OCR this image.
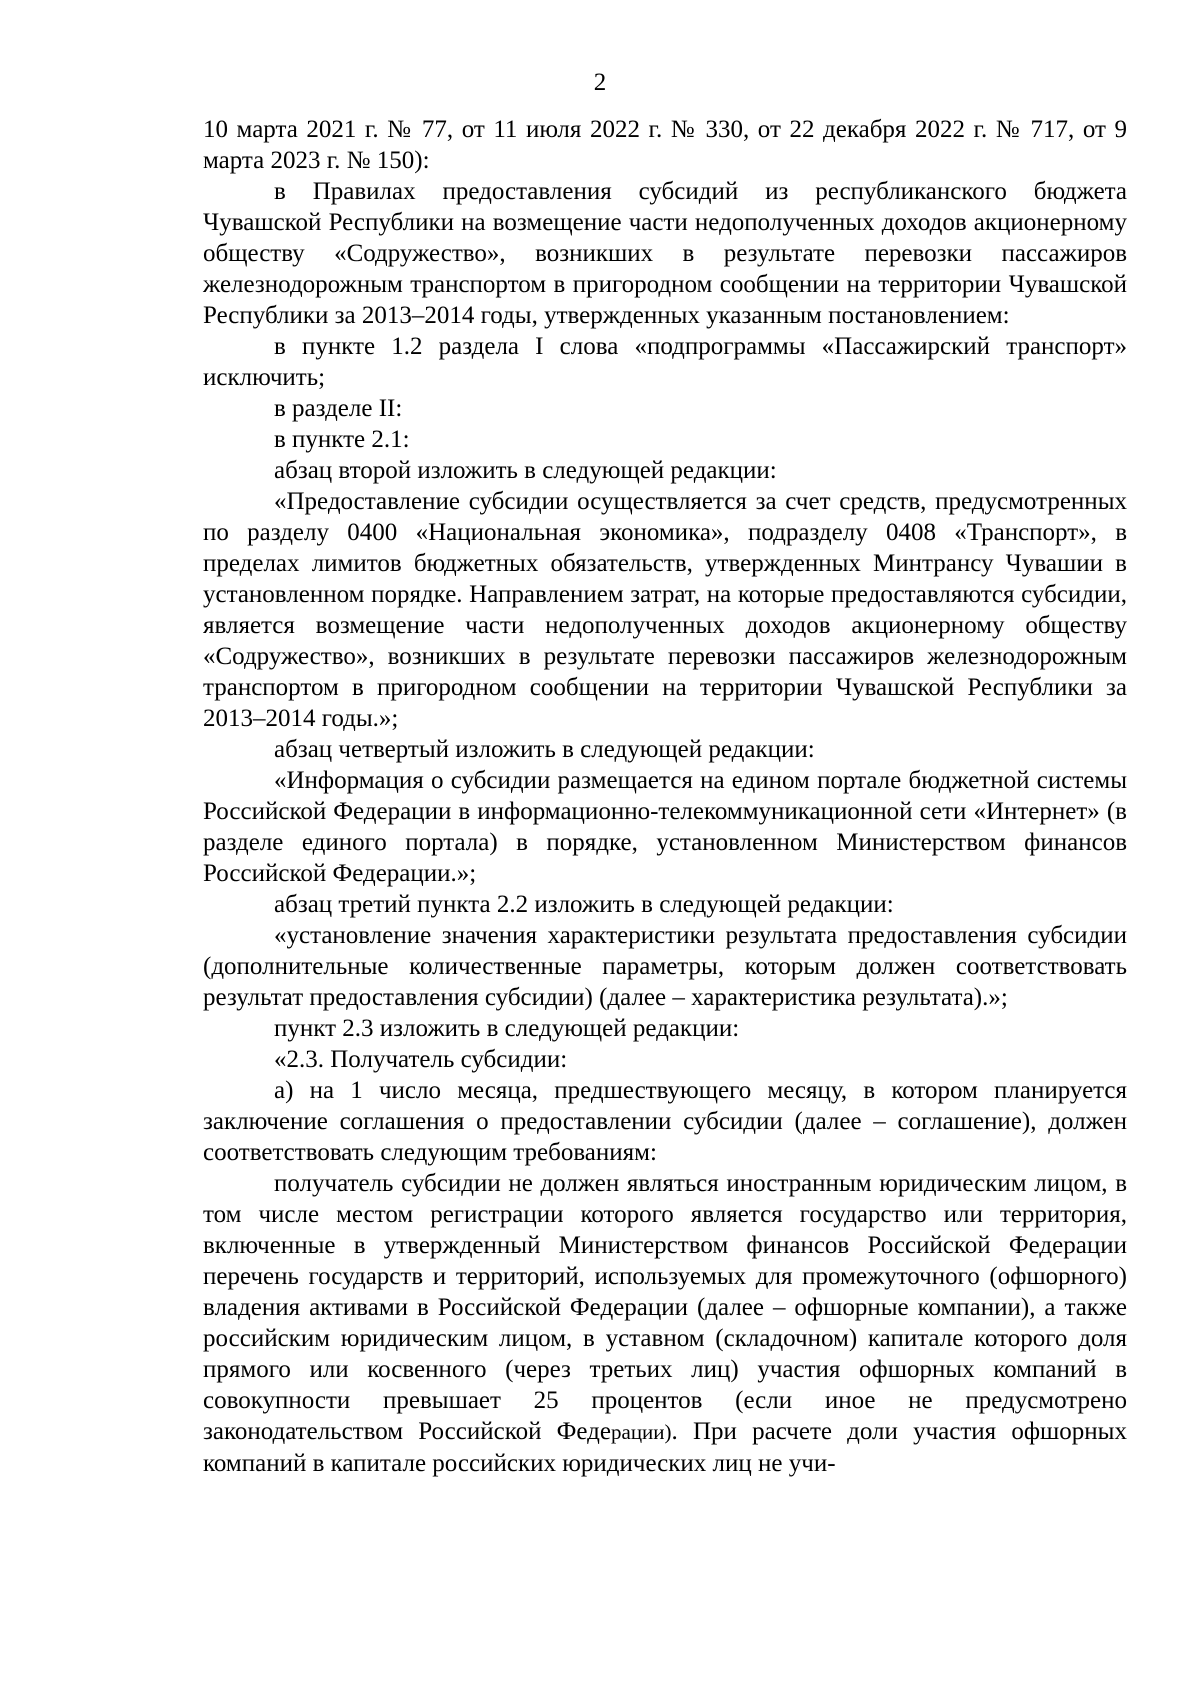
2

10 марта 2021 г. № 77, от 11 июля 2022 г. № 330, от 22 декабря 2022 г. № 717, от 9 марта 2023 г. № 150):

в Правилах предоставления субсидий из республиканского бюджета Чувашской Республики на возмещение части недополученных доходов акционерному обществу «Содружество», возникших в результате перевозки пассажиров железнодорожным транспортом в пригородном сообщении на территории Чувашской Республики за 2013–2014 годы, утвержденных указанным постановлением:

в пункте 1.2 раздела I слова «подпрограммы «Пассажирский транспорт» исключить;

в разделе II:

в пункте 2.1:

абзац второй изложить в следующей редакции:

«Предоставление субсидии осуществляется за счет средств, предусмотренных по разделу 0400 «Национальная экономика», подразделу 0408 «Транспорт», в пределах лимитов бюджетных обязательств, утвержденных Минтрансу Чувашии в установленном порядке. Направлением затрат, на которые предоставляются субсидии, является возмещение части недополученных доходов акционерному обществу «Содружество», возникших в результате перевозки пассажиров железнодорожным транспортом в пригородном сообщении на территории Чувашской Республики за 2013–2014 годы.»;

абзац четвертый изложить в следующей редакции:

«Информация о субсидии размещается на едином портале бюджетной системы Российской Федерации в информационно-телекоммуникационной сети «Интернет» (в разделе единого портала) в порядке, установленном Министерством финансов Российской Федерации.»;

абзац третий пункта 2.2 изложить в следующей редакции:

«установление значения характеристики результата предоставления субсидии (дополнительные количественные параметры, которым должен соответствовать результат предоставления субсидии) (далее – характеристика результата).»;

пункт 2.3 изложить в следующей редакции:

«2.3. Получатель субсидии:

а) на 1 число месяца, предшествующего месяцу, в котором планируется заключение соглашения о предоставлении субсидии (далее – соглашение), должен соответствовать следующим требованиям:

получатель субсидии не должен являться иностранным юридическим лицом, в том числе местом регистрации которого является государство или территория, включенные в утвержденный Министерством финансов Российской Федерации перечень государств и территорий, используемых для промежуточного (офшорного) владения активами в Российской Федерации (далее – офшорные компании), а также российским юридическим лицом, в уставном (складочном) капитале которого доля прямого или косвенного (через третьих лиц) участия офшорных компаний в совокупности превышает 25 процентов (если иное не предусмотрено законодательством Российской Федерации). При расчете доли участия офшорных компаний в капитале российских юридических лиц не учи-
